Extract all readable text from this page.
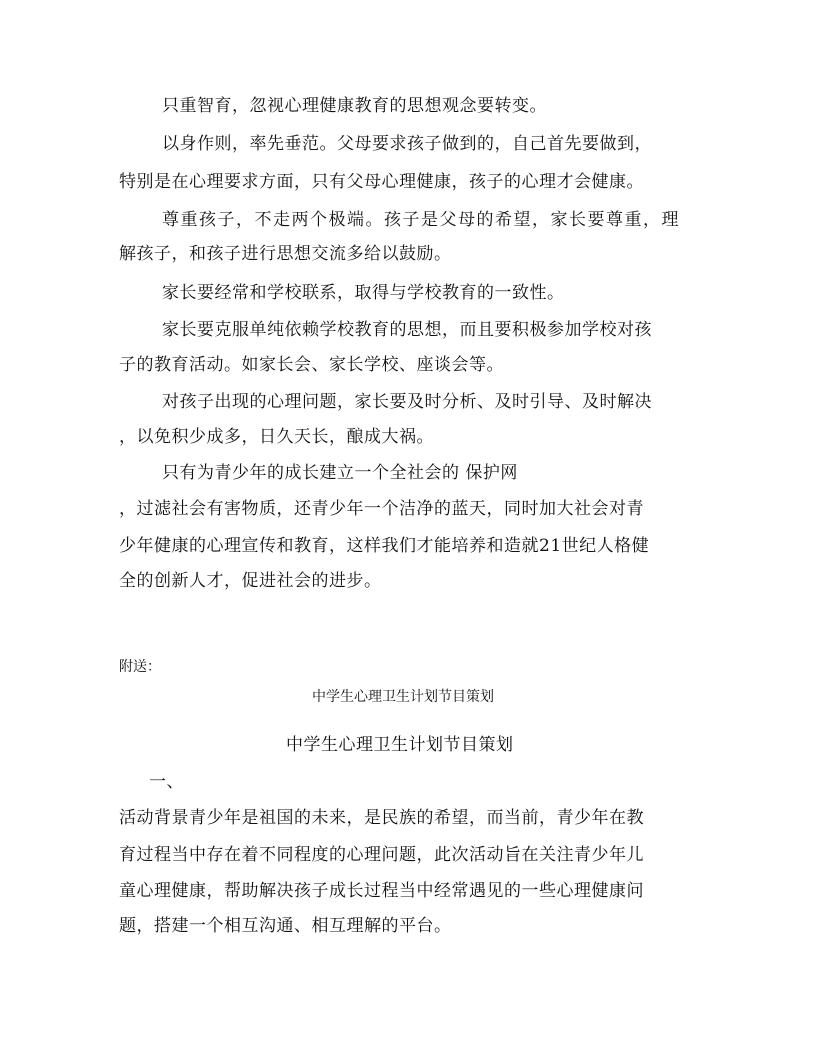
只重智育，忽视心理健康教育的思想观念要转变。
以身作则，率先垂范。父母要求孩子做到的，自己首先要做到，
特别是在心理要求方面，只有父母心理健康，孩子的心理才会健康。
尊重孩子，不走两个极端。孩子是父母的希望，家长要尊重，理
解孩子，和孩子进行思想交流多给以鼓励。
家长要经常和学校联系，取得与学校教育的一致性。
家长要克服单纯依赖学校教育的思想，而且要积极参加学校对孩
子的教育活动。如家长会、家长学校、座谈会等。
对孩子出现的心理问题，家长要及时分析、及时引导、及时解决
，以免积少成多，日久天长，酿成大祸。
只有为青少年的成长建立一个全社会的 保护网
，过滤社会有害物质，还青少年一个洁净的蓝天，同时加大社会对青
少年健康的心理宣传和教育，这样我们才能培养和造就21世纪人格健
全的创新人才，促进社会的进步。
附送：
中学生心理卫生计划节目策划
中学生心理卫生计划节目策划
一、
活动背景青少年是祖国的未来，是民族的希望，而当前，青少年在教
育过程当中存在着不同程度的心理问题，此次活动旨在关注青少年儿
童心理健康，帮助解决孩子成长过程当中经常遇见的一些心理健康问
题，搭建一个相互沟通、相互理解的平台。
